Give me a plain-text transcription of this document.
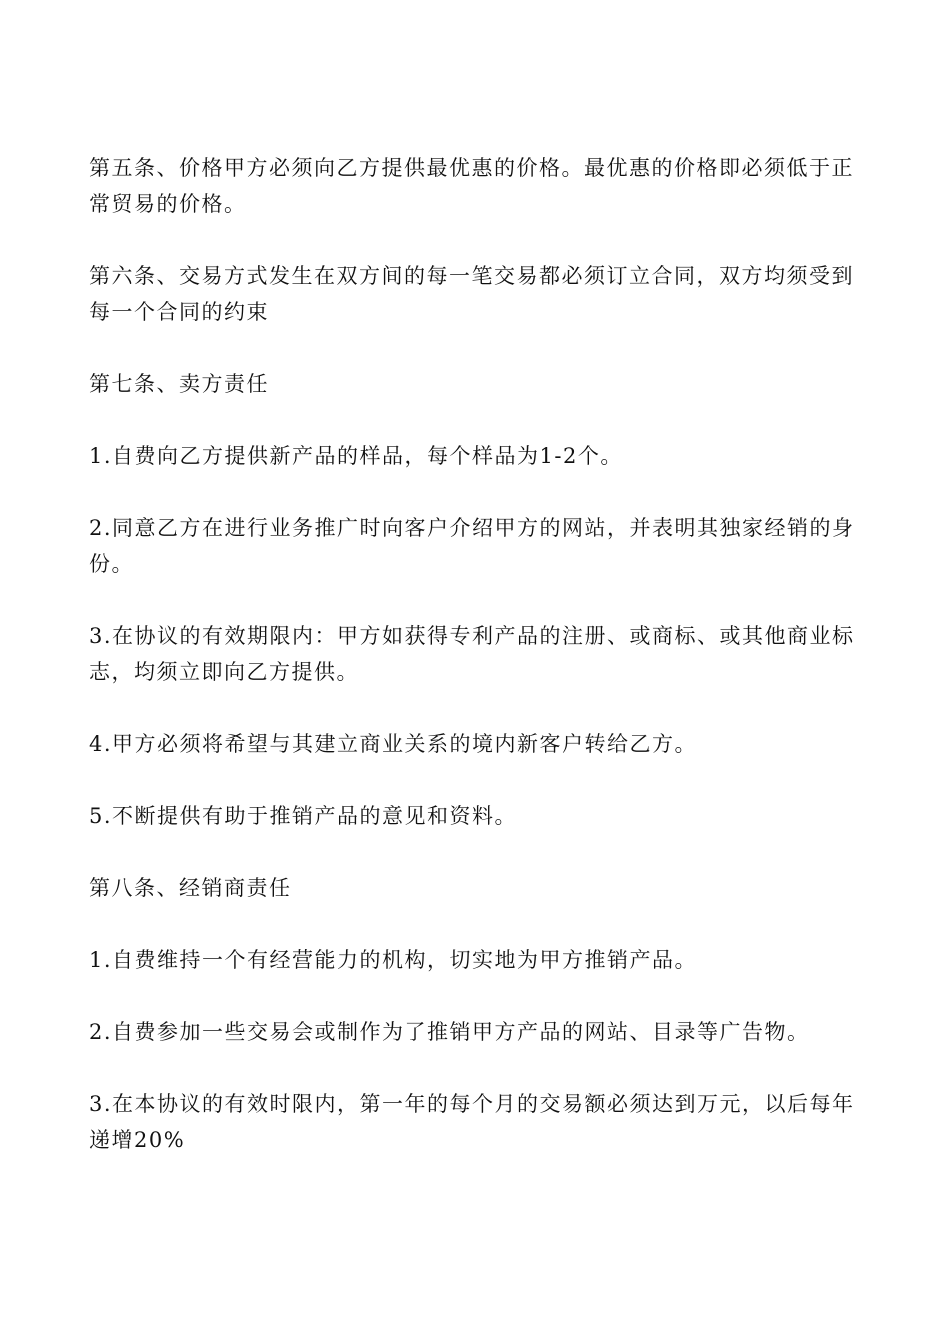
第五条、价格甲方必须向乙方提供最优惠的价格。最优惠的价格即必须低于正常贸易的价格。

第六条、交易方式发生在双方间的每一笔交易都必须订立合同，双方均须受到每一个合同的约束

第七条、卖方责任

1.自费向乙方提供新产品的样品，每个样品为1-2个。

2.同意乙方在进行业务推广时向客户介绍甲方的网站，并表明其独家经销的身份。

3.在协议的有效期限内：甲方如获得专利产品的注册、或商标、或其他商业标志，均须立即向乙方提供。

4.甲方必须将希望与其建立商业关系的境内新客户转给乙方。

5.不断提供有助于推销产品的意见和资料。

第八条、经销商责任

1.自费维持一个有经营能力的机构，切实地为甲方推销产品。

2.自费参加一些交易会或制作为了推销甲方产品的网站、目录等广告物。

3.在本协议的有效时限内，第一年的每个月的交易额必须达到万元，以后每年递增20%
